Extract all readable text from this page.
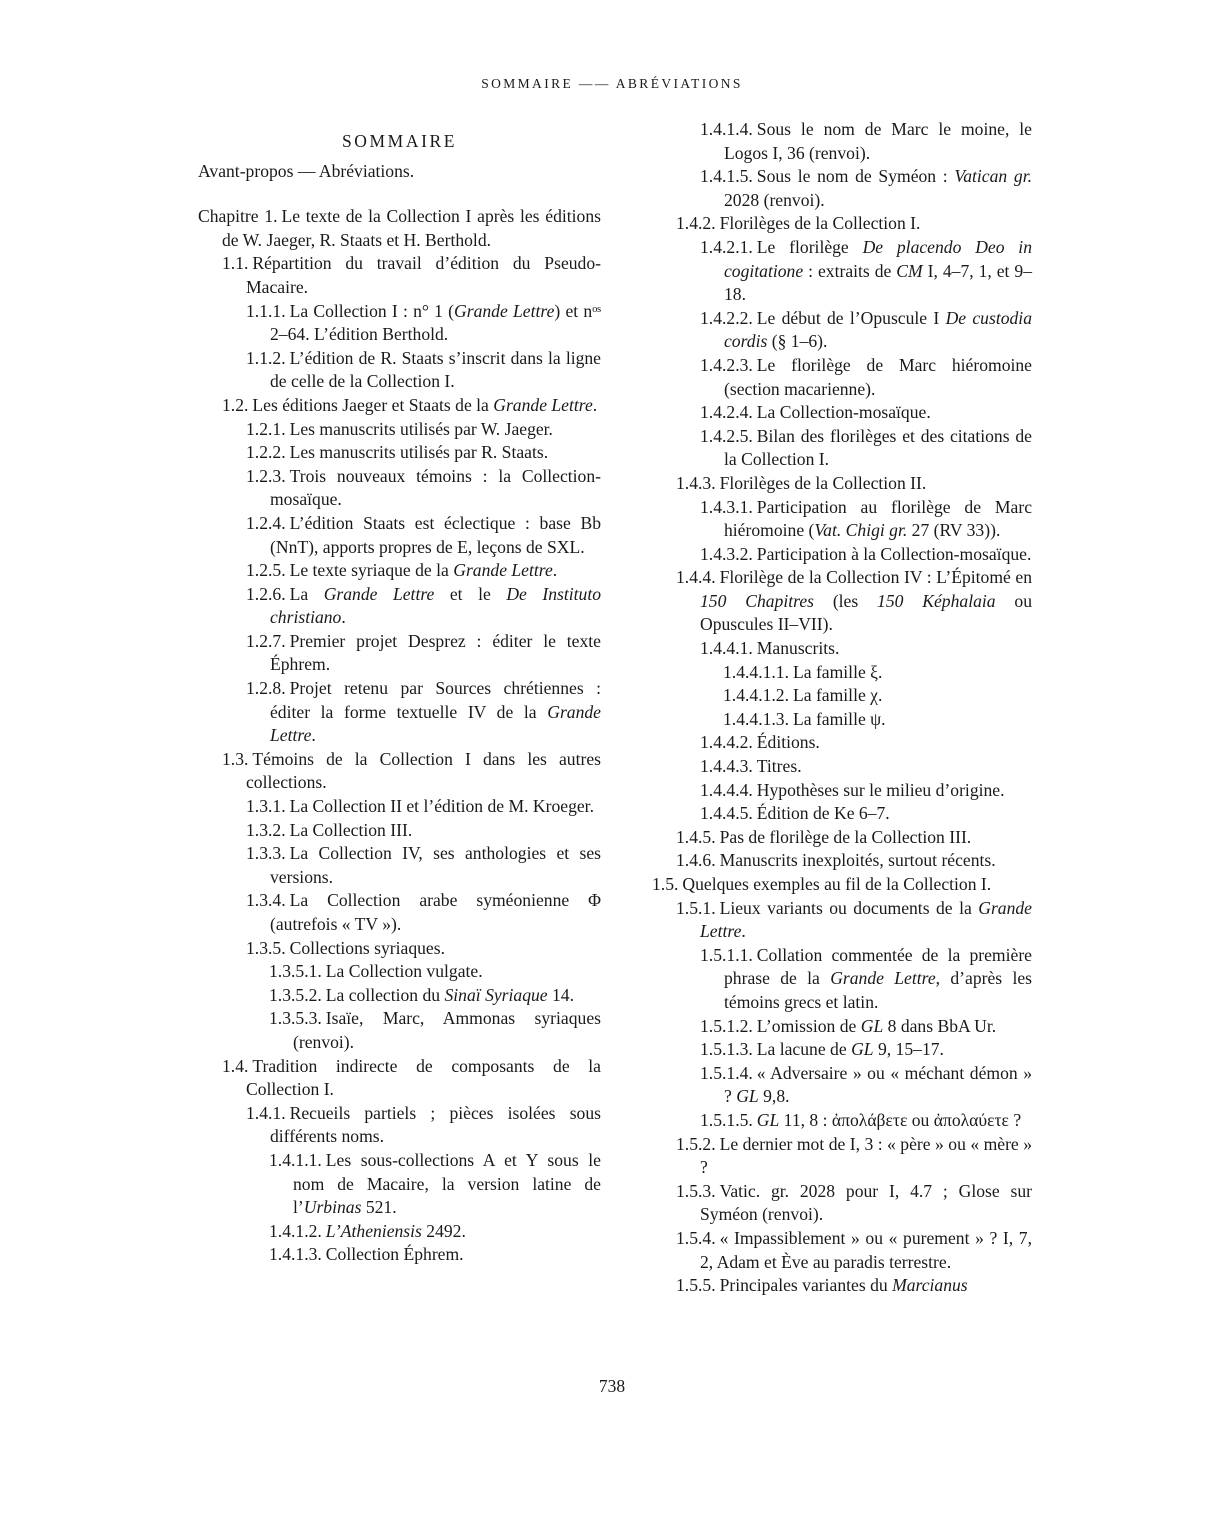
SOMMAIRE —— ABRÉVIATIONS
SOMMAIRE
Avant-propos — Abréviations.
Chapitre 1. Le texte de la Collection I après les éditions de W. Jaeger, R. Staats et H. Berthold.
1.1. Répartition du travail d’édition du Pseudo-Macaire.
1.1.1. La Collection I : n° 1 (Grande Lettre) et nᵒˢ 2–64. L’édition Berthold.
1.1.2. L’édition de R. Staats s’inscrit dans la ligne de celle de la Collection I.
1.2. Les éditions Jaeger et Staats de la Grande Lettre.
1.2.1. Les manuscrits utilisés par W. Jaeger.
1.2.2. Les manuscrits utilisés par R. Staats.
1.2.3. Trois nouveaux témoins : la Collection-mosaïque.
1.2.4. L’édition Staats est éclectique : base Bb (NnT), apports propres de E, leçons de SXL.
1.2.5. Le texte syriaque de la Grande Lettre.
1.2.6. La Grande Lettre et le De Instituto christiano.
1.2.7. Premier projet Desprez : éditer le texte Éphrem.
1.2.8. Projet retenu par Sources chrétiennes : éditer la forme textuelle IV de la Grande Lettre.
1.3. Témoins de la Collection I dans les autres collections.
1.3.1. La Collection II et l’édition de M. Kroeger.
1.3.2. La Collection III.
1.3.3. La Collection IV, ses anthologies et ses versions.
1.3.4. La Collection arabe syméonienne Φ (autrefois « TV »).
1.3.5. Collections syriaques.
1.3.5.1. La Collection vulgate.
1.3.5.2. La collection du Sinaï Syriaque 14.
1.3.5.3. Isaïe, Marc, Ammonas syriaques (renvoi).
1.4. Tradition indirecte de composants de la Collection I.
1.4.1. Recueils partiels ; pièces isolées sous différents noms.
1.4.1.1. Les sous-collections A et Y sous le nom de Macaire, la version latine de l’Urbinas 521.
1.4.1.2. L’Atheniensis 2492.
1.4.1.3. Collection Éphrem.
1.4.1.4. Sous le nom de Marc le moine, le Logos I, 36 (renvoi).
1.4.1.5. Sous le nom de Syméon : Vatican gr. 2028 (renvoi).
1.4.2. Florilèges de la Collection I.
1.4.2.1. Le florilège De placendo Deo in cogitatione : extraits de CM I, 4–7, 1, et 9–18.
1.4.2.2. Le début de l’Opuscule I De custodia cordis (§ 1–6).
1.4.2.3. Le florilège de Marc hiéromoine (section macarienne).
1.4.2.4. La Collection-mosaïque.
1.4.2.5. Bilan des florilèges et des citations de la Collection I.
1.4.3. Florilèges de la Collection II.
1.4.3.1. Participation au florilège de Marc hiéromoine (Vat. Chigi gr. 27 (RV 33)).
1.4.3.2. Participation à la Collection-mosaïque.
1.4.4. Florilège de la Collection IV : L’Épitomé en 150 Chapitres (les 150 Képhalaia ou Opuscules II–VII).
1.4.4.1. Manuscrits.
1.4.4.1.1. La famille ξ.
1.4.4.1.2. La famille χ.
1.4.4.1.3. La famille ψ.
1.4.4.2. Éditions.
1.4.4.3. Titres.
1.4.4.4. Hypothèses sur le milieu d’origine.
1.4.4.5. Édition de Ke 6–7.
1.4.5. Pas de florilège de la Collection III.
1.4.6. Manuscrits inexploités, surtout récents.
1.5. Quelques exemples au fil de la Collection I.
1.5.1. Lieux variants ou documents de la Grande Lettre.
1.5.1.1. Collation commentée de la première phrase de la Grande Lettre, d’après les témoins grecs et latin.
1.5.1.2. L’omission de GL 8 dans BbA Ur.
1.5.1.3. La lacune de GL 9, 15–17.
1.5.1.4. « Adversaire » ou « méchant démon » ? GL 9,8.
1.5.1.5. GL 11, 8 : ἀπολάβετε ou ἀπολαύετε ?
1.5.2. Le dernier mot de I, 3 : « père » ou « mère » ?
1.5.3. Vatic. gr. 2028 pour I, 4.7 ; Glose sur Syméon (renvoi).
1.5.4. « Impassiblement » ou « purement » ? I, 7, 2, Adam et Ève au paradis terrestre.
1.5.5. Principales variantes du Marcianus
738
